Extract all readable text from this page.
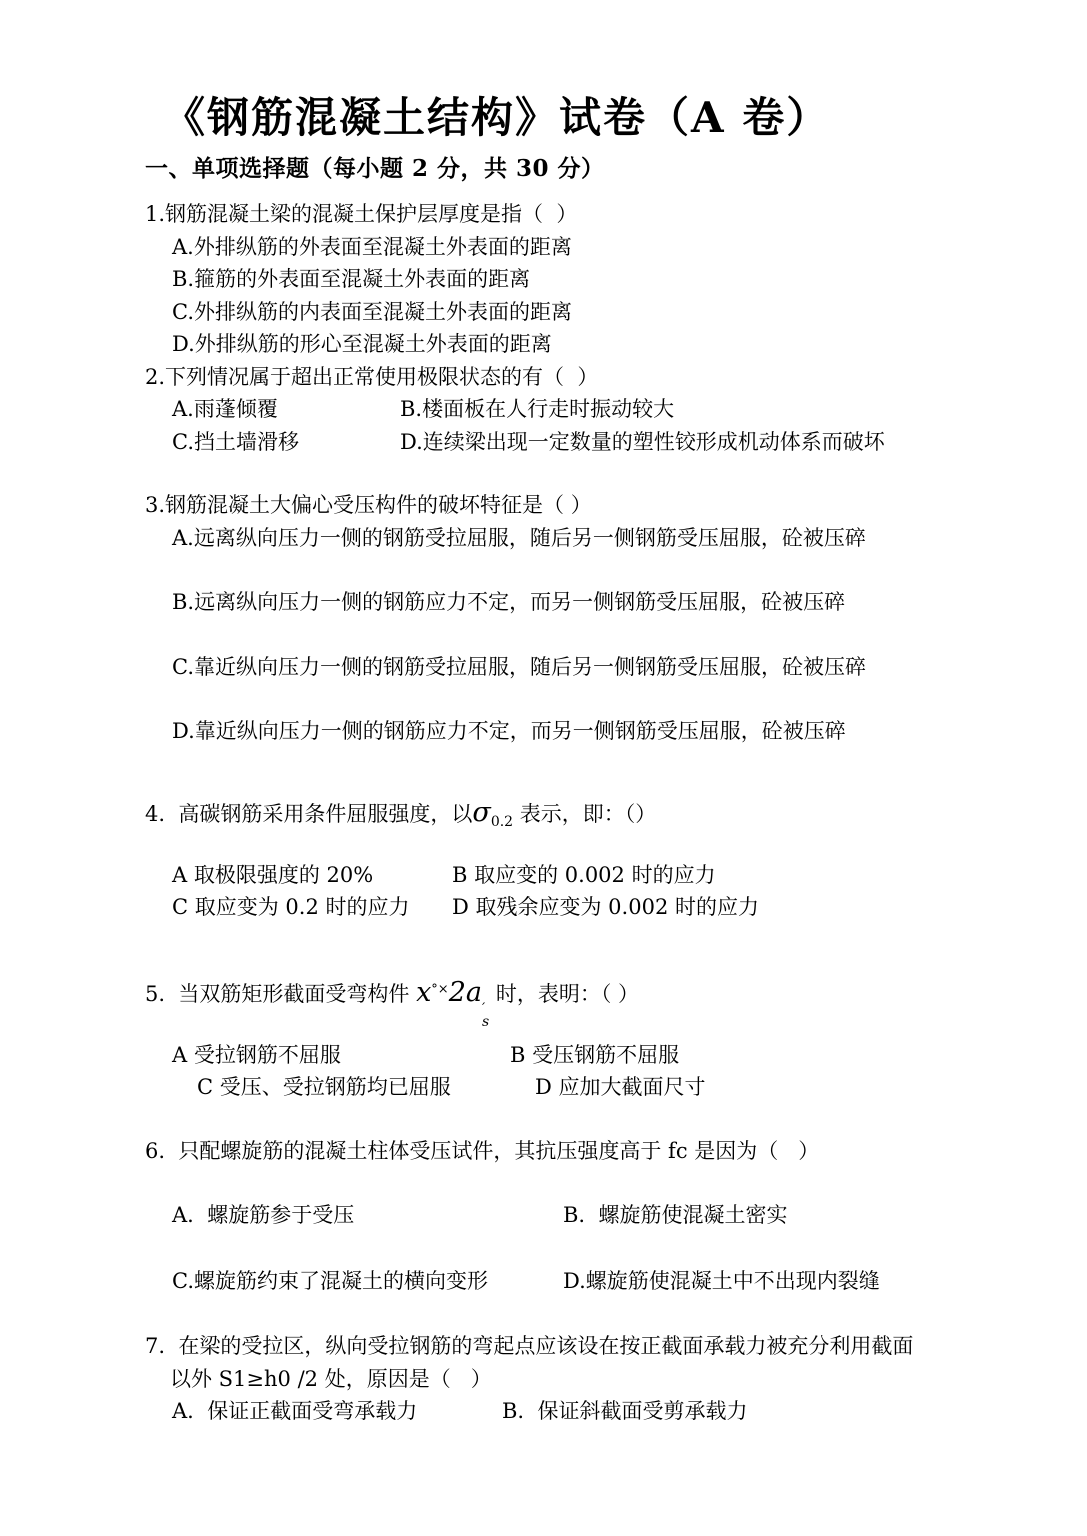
《钢筋混凝土结构》试卷（A 卷）
一、单项选择题（每小题 2 分，共 30 分）
1.钢筋混凝土梁的混凝土保护层厚度是指（  ）
A.外排纵筋的外表面至混凝土外表面的距离
B.箍筋的外表面至混凝土外表面的距离
C.外排纵筋的内表面至混凝土外表面的距离
D.外排纵筋的形心至混凝土外表面的距离
2.下列情况属于超出正常使用极限状态的有（  ）
A.雨蓬倾覆	B.楼面板在人行走时振动较大
C.挡土墙滑移	D.连续梁出现一定数量的塑性铰形成机动体系而破坏
3.钢筋混凝土大偏心受压构件的破坏特征是（ ）
A.远离纵向压力一侧的钢筋受拉屈服，随后另一侧钢筋受压屈服，砼被压碎
B.远离纵向压力一侧的钢筋应力不定，而另一侧钢筋受压屈服，砼被压碎
C.靠近纵向压力一侧的钢筋受拉屈服，随后另一侧钢筋受压屈服，砼被压碎
D.靠近纵向压力一侧的钢筋应力不定，而另一侧钢筋受压屈服，砼被压碎
4.  高碳钢筋采用条件屈服强度，以$\sigma_{0.2}$ 表示，即：（）
A 取极限强度的 20%	B 取应变的 0.002 时的应力
C 取应变为 0.2 时的应力 D 取残余应变为 0.002 时的应力
5.  当双筋矩形截面受弯构件 x°×2a
′
s
时，表明：（ ）
A 受拉钢筋不屈服	B 受压钢筋不屈服
C 受压、受拉钢筋均已屈服	D 应加大截面尺寸
6.  只配螺旋筋的混凝土柱体受压试件，其抗压强度高于 fc 是因为（   ）
A.  螺旋筋参于受压	B.  螺旋筋使混凝土密实
C.螺旋筋约束了混凝土的横向变形	D.螺旋筋使混凝土中不出现内裂缝
7.  在梁的受拉区，纵向受拉钢筋的弯起点应该设在按正截面承载力被充分利用截面
以外 S1≥h0 /2 处，原因是（   ）
A.  保证正截面受弯承载力	B.  保证斜截面受剪承载力
